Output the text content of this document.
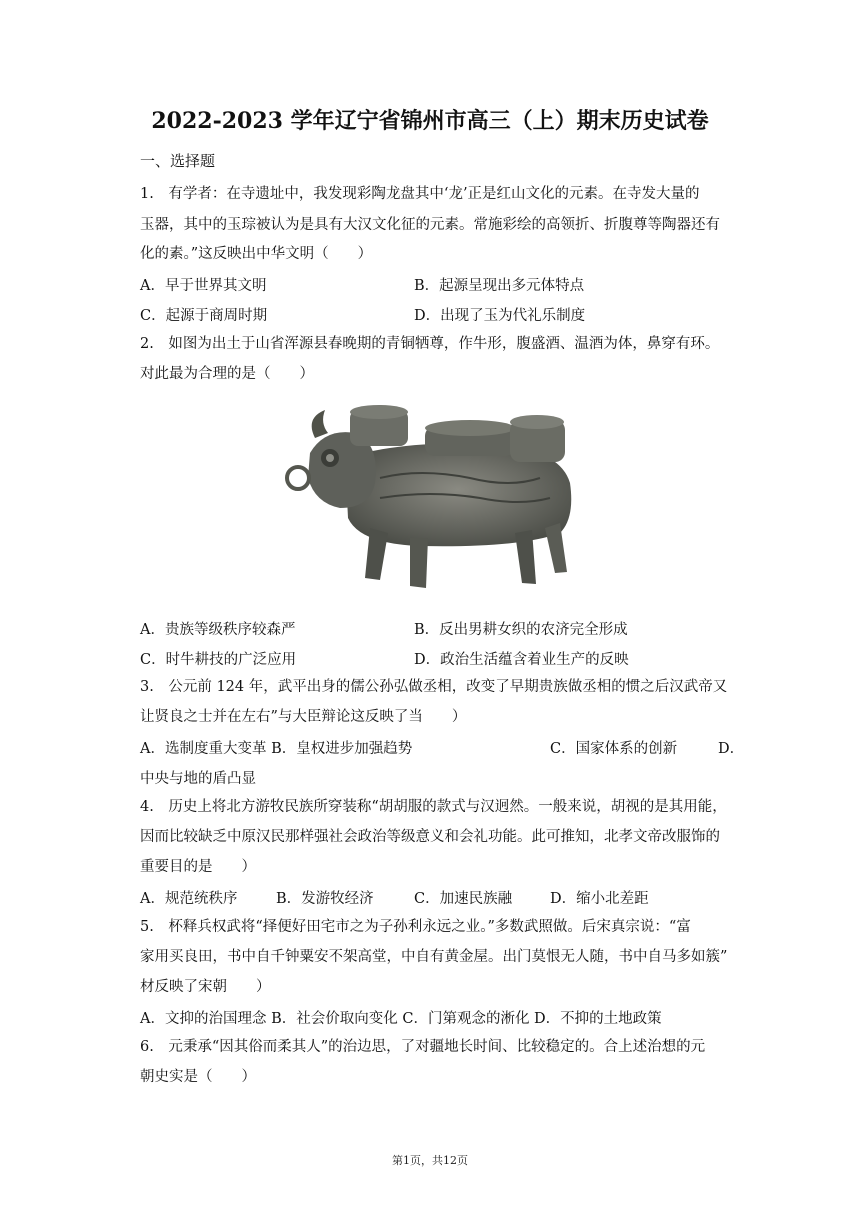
2022-2023 学年辽宁省锦州市高三（上）期末历史试卷
一、选择题
1.　有学者：在寺遗址中，我发现彩陶龙盘其中‘龙’正是红山文化的元素。在寺发大量的
玉器，其中的玉琮被认为是具有大汉文化征的元素。常施彩绘的高领折、折腹尊等陶器还有
化的素。”这反映出中华文明（　　）
A．早于世界其文明	B．起源呈现出多元体特点
C．起源于商周时期	D．出现了玉为代礼乐制度
2.　如图为出土于山省浑源县春晚期的青铜牺尊，作牛形，腹盛酒、温酒为体，鼻穿有环。
对此最为合理的是（　　）
A．贵族等级秩序较森严	B．反出男耕女织的农济完全形成
C．时牛耕技的广泛应用	D．政治生活蕴含着业生产的反映
3.　公元前 124 年，武平出身的儒公孙弘做丞相，改变了早期贵族做丞相的惯之后汉武帝又
让贤良之士并在左右”与大臣辩论这反映了当　　）
A．选制度重大变革 B．皇权进步加强趋势	C．国家体系的创新	D．
中央与地的盾凸显
4.　历史上将北方游牧民族所穿装称“胡胡服的款式与汉迥然。一般来说，胡视的是其用能，
因而比较缺乏中原汉民那样强社会政治等级意义和会礼功能。此可推知，北孝文帝改服饰的
重要目的是　　）
A．规范统秩序	B．发游牧经济	C．加速民族融	D．缩小北差距
5.　杯释兵权武将“择便好田宅市之为子孙利永远之业。”多数武照做。后宋真宗说：“富
家用买良田，书中自千钟粟安不架高堂，中自有黄金屋。出门莫恨无人随，书中自马多如簇”
材反映了宋朝　　）
A．文抑的治国理念 B．社会价取向变化 C．门第观念的淅化 D．不抑的土地政策
6.　元秉承“因其俗而柔其人”的治边思，了对疆地长时间、比较稳定的。合上述治想的元
朝史实是（　　）
第1页，共12页
